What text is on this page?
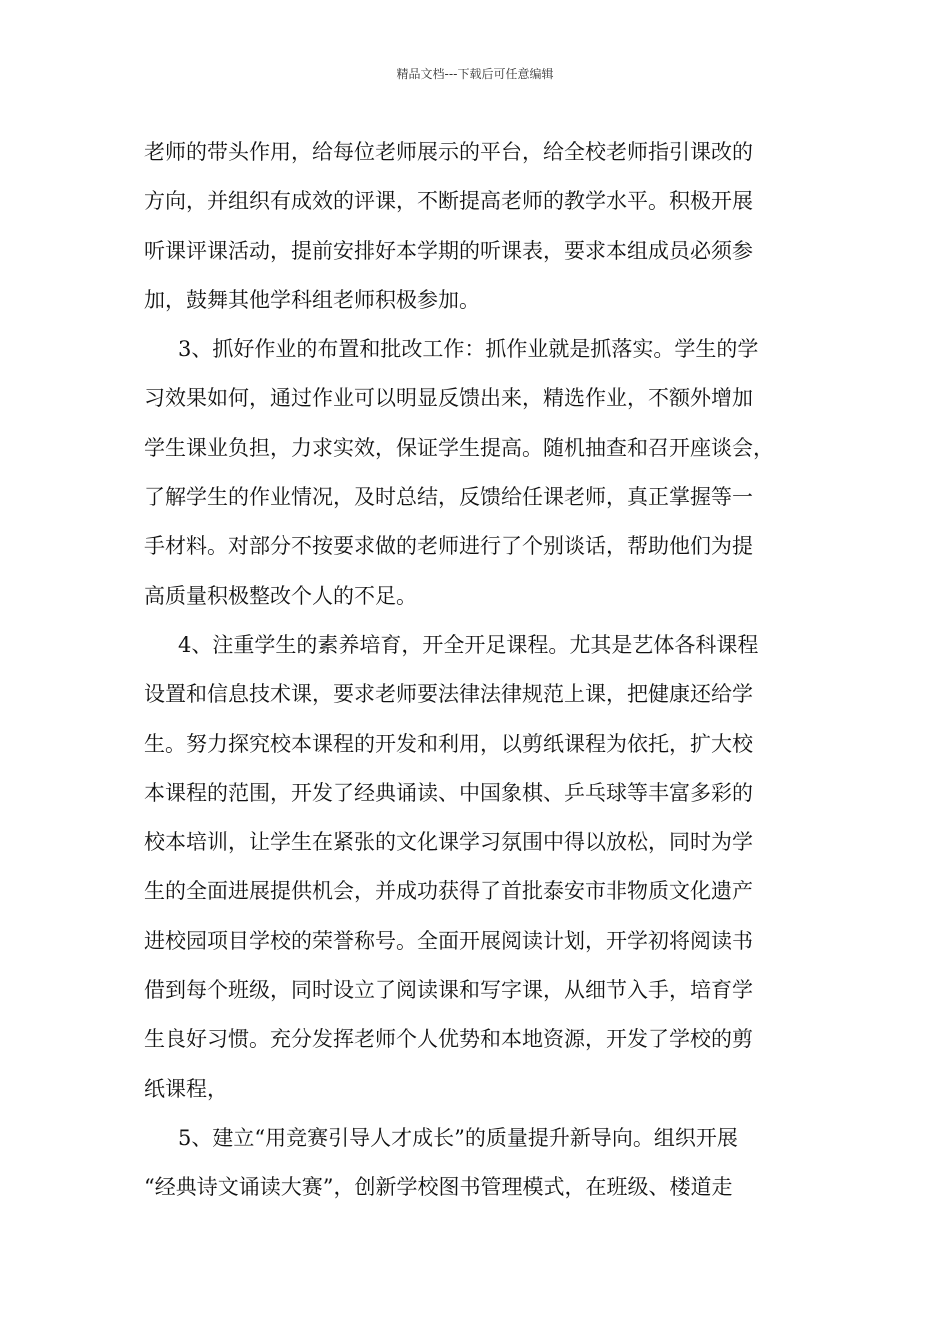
精品文档---下载后可任意编辑
老师的带头作用，给每位老师展示的平台，给全校老师指引课改的
方向，并组织有成效的评课，不断提高老师的教学水平。积极开展
听课评课活动，提前安排好本学期的听课表，要求本组成员必须参
加，鼓舞其他学科组老师积极参加。
3、抓好作业的布置和批改工作：抓作业就是抓落实。学生的学
习效果如何，通过作业可以明显反馈出来，精选作业，不额外增加
学生课业负担，力求实效，保证学生提高。随机抽查和召开座谈会，
了解学生的作业情况，及时总结，反馈给任课老师，真正掌握等一
手材料。对部分不按要求做的老师进行了个别谈话，帮助他们为提
高质量积极整改个人的不足。
4、注重学生的素养培育，开全开足课程。尤其是艺体各科课程
设置和信息技术课，要求老师要法律法律规范上课，把健康还给学
生。努力探究校本课程的开发和利用，以剪纸课程为依托，扩大校
本课程的范围，开发了经典诵读、中国象棋、乒乓球等丰富多彩的
校本培训，让学生在紧张的文化课学习氛围中得以放松，同时为学
生的全面进展提供机会，并成功获得了首批泰安市非物质文化遗产
进校园项目学校的荣誉称号。全面开展阅读计划，开学初将阅读书
借到每个班级，同时设立了阅读课和写字课，从细节入手，培育学
生良好习惯。充分发挥老师个人优势和本地资源，开发了学校的剪
纸课程，
5、建立“用竞赛引导人才成长”的质量提升新导向。组织开展
“经典诗文诵读大赛”，创新学校图书管理模式，在班级、楼道走
